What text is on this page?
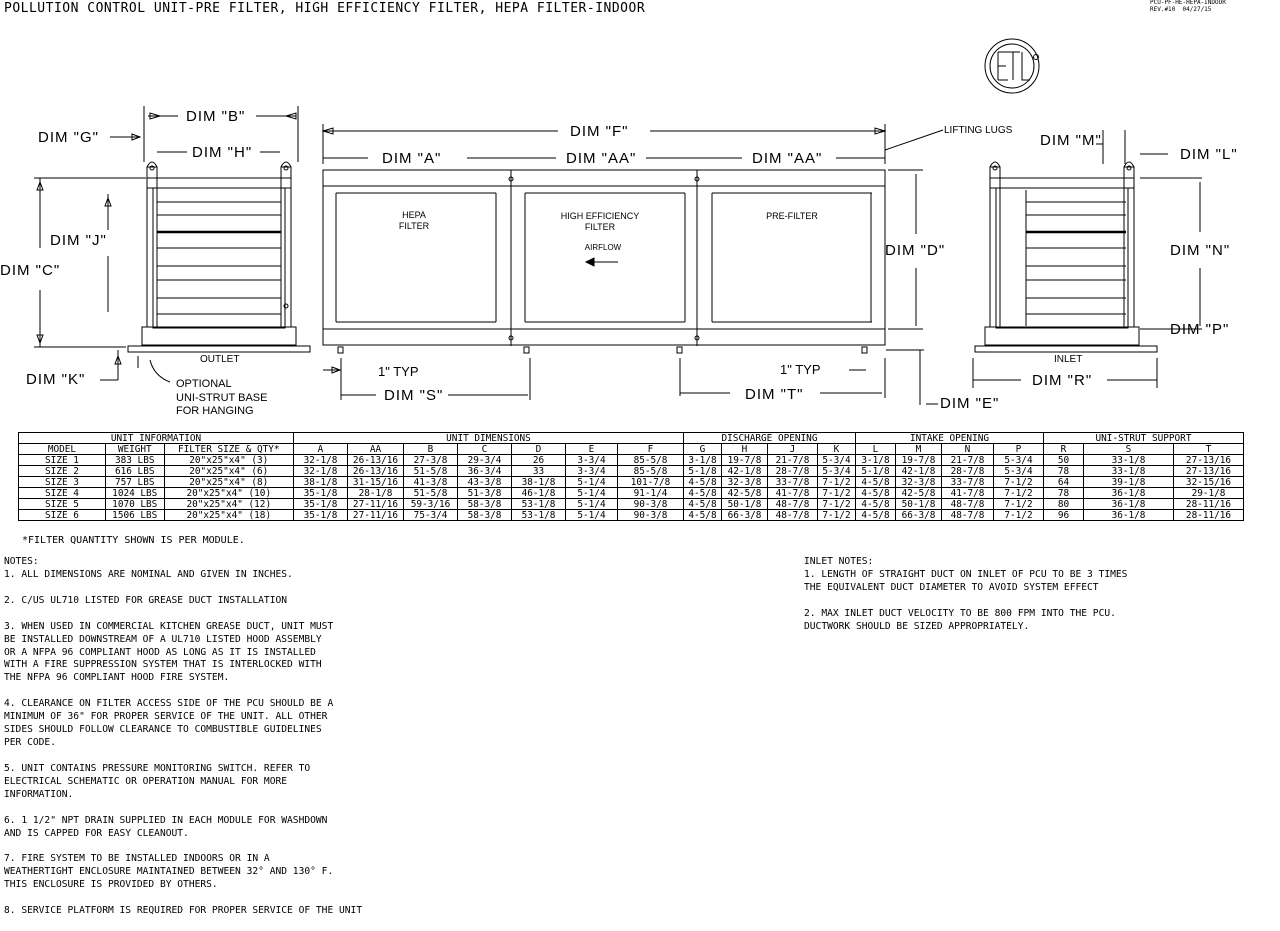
POLLUTION CONTROL UNIT-PRE FILTER, HIGH EFFICIENCY FILTER, HEPA FILTER-INDOOR	PCU-PF-HE-HEPA-INDOOR
REV.#10  04/27/15
DIM "B"
DIM "G"
DIM "H"
DIM "J"
DIM "C"
DIM "K"
DIM "F"
DIM "A"	DIM "AA"	DIM "AA"
DIM "D"
DIM "S"	DIM "T"
DIM "E"
DIM "M"
DIM "L"
DIM "N"
DIM "P"
DIM "R"
LIFTING LUGS
HEPA
FILTER
HIGH EFFICIENCY
FILTER
PRE-FILTER
AIRFLOW
OUTLET	INLET
OPTIONAL
UNI-STRUT BASE
FOR HANGING
1" TYP	1" TYP
UNIT INFORMATION			UNIT DIMENSIONS							DISCHARGE OPENING				INTAKE OPENING				UNI-STRUT SUPPORT		
MODEL	WEIGHT	FILTER SIZE & QTY*	A	AA	B	C	D	E	F	G	H	J	K	L	M	N	P	R	S	T
SIZE 1	383 LBS	20"x25"x4" (3)	32-1/8	26-13/16	27-3/8	29-3/4	26	3-3/4	85-5/8	3-1/8	19-7/8	21-7/8	5-3/4	3-1/8	19-7/8	21-7/8	5-3/4	50	33-1/8	27-13/16
SIZE 2	616 LBS	20"x25"x4" (6)	32-1/8	26-13/16	51-5/8	36-3/4	33	3-3/4	85-5/8	5-1/8	42-1/8	28-7/8	5-3/4	5-1/8	42-1/8	28-7/8	5-3/4	78	33-1/8	27-13/16
SIZE 3	757 LBS	20"x25"x4" (8)	38-1/8	31-15/16	41-3/8	43-3/8	38-1/8	5-1/4	101-7/8	4-5/8	32-3/8	33-7/8	7-1/2	4-5/8	32-3/8	33-7/8	7-1/2	64	39-1/8	32-15/16
SIZE 4	1024 LBS	20"x25"x4" (10)	35-1/8	28-1/8	51-5/8	51-3/8	46-1/8	5-1/4	91-1/4	4-5/8	42-5/8	41-7/8	7-1/2	4-5/8	42-5/8	41-7/8	7-1/2	78	36-1/8	29-1/8
SIZE 5	1070 LBS	20"x25"x4" (12)	35-1/8	27-11/16	59-3/16	58-3/8	53-1/8	5-1/4	90-3/8	4-5/8	50-1/8	48-7/8	7-1/2	4-5/8	50-1/8	48-7/8	7-1/2	80	36-1/8	28-11/16
SIZE 6	1506 LBS	20"x25"x4" (18)	35-1/8	27-11/16	75-3/4	58-3/8	53-1/8	5-1/4	90-3/8	4-5/8	66-3/8	48-7/8	7-1/2	4-5/8	66-3/8	48-7/8	7-1/2	96	36-1/8	28-11/16
*FILTER QUANTITY SHOWN IS PER MODULE.

NOTES:

1. ALL DIMENSIONS ARE NOMINAL AND GIVEN IN INCHES.

2. C/US UL710 LISTED FOR GREASE DUCT INSTALLATION

3. WHEN USED IN COMMERCIAL KITCHEN GREASE DUCT, UNIT MUST
BE INSTALLED DOWNSTREAM OF A UL710 LISTED HOOD ASSEMBLY
OR A NFPA 96 COMPLIANT HOOD AS LONG AS IT IS INSTALLED
WITH A FIRE SUPPRESSION SYSTEM THAT IS INTERLOCKED WITH
THE NFPA 96 COMPLIANT HOOD FIRE SYSTEM.

4. CLEARANCE ON FILTER ACCESS SIDE OF THE PCU SHOULD BE A
MINIMUM OF 36" FOR PROPER SERVICE OF THE UNIT. ALL OTHER
SIDES SHOULD FOLLOW CLEARANCE TO COMBUSTIBLE GUIDELINES
PER CODE.

5. UNIT CONTAINS PRESSURE MONITORING SWITCH. REFER TO
ELECTRICAL SCHEMATIC OR OPERATION MANUAL FOR MORE
INFORMATION.

6. 1 1/2" NPT DRAIN SUPPLIED IN EACH MODULE FOR WASHDOWN
AND IS CAPPED FOR EASY CLEANOUT.

7. FIRE SYSTEM TO BE INSTALLED INDOORS OR IN A
WEATHERTIGHT ENCLOSURE MAINTAINED BETWEEN 32° AND 130° F.
THIS ENCLOSURE IS PROVIDED BY OTHERS.

8. SERVICE PLATFORM IS REQUIRED FOR PROPER SERVICE OF THE UNIT

INLET NOTES:

1. LENGTH OF STRAIGHT DUCT ON INLET OF PCU TO BE 3 TIMES
THE EQUIVALENT DUCT DIAMETER TO AVOID SYSTEM EFFECT

2. MAX INLET DUCT VELOCITY TO BE 800 FPM INTO THE PCU.
DUCTWORK SHOULD BE SIZED APPROPRIATELY.
